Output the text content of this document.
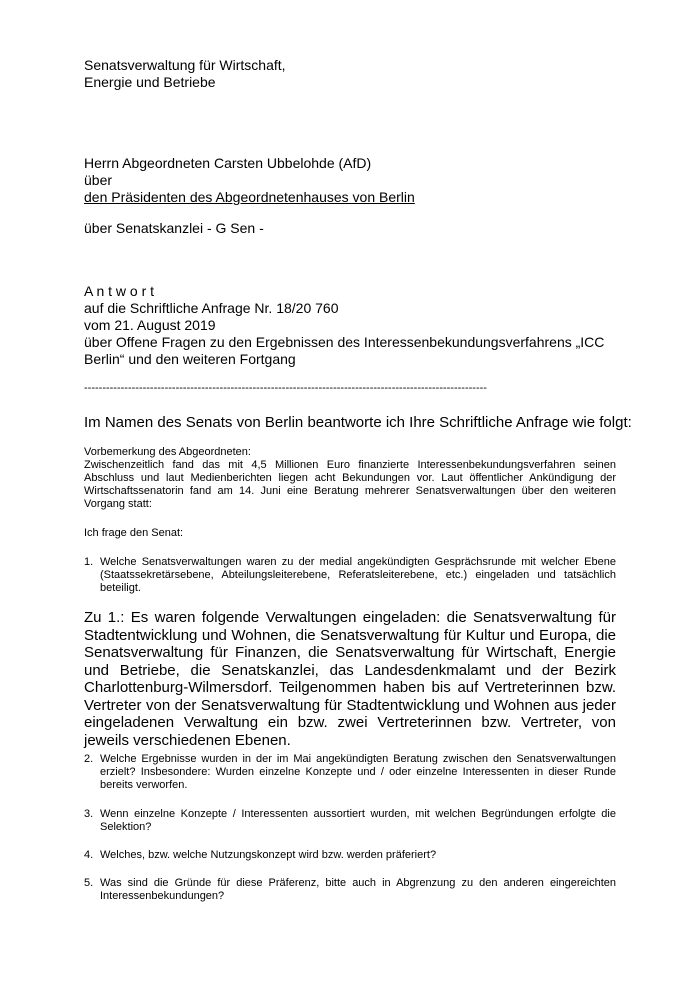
Senatsverwaltung für Wirtschaft,

Energie und Betriebe

Herrn Abgeordneten Carsten Ubbelohde (AfD)

über

den Präsidenten des Abgeordnetenhauses von Berlin

über Senatskanzlei - G Sen -

A n t w o r t

auf die Schriftliche Anfrage Nr. 18/20 760

vom 21. August 2019

über Offene Fragen zu den Ergebnissen des Interessenbekundungsverfahrens „ICC

Berlin“ und den weiteren Fortgang

--------------------------------------------------------------------------------------------------------------

Im Namen des Senats von Berlin beantworte ich Ihre Schriftliche Anfrage wie folgt:

Vorbemerkung des Abgeordneten:

Zwischenzeitlich fand das mit 4,5 Millionen Euro finanzierte Interessenbekundungsverfahren seinen Abschluss und laut Medienberichten liegen acht Bekundungen vor. Laut öffentlicher Ankündigung der Wirtschaftssenatorin fand am 14. Juni eine Beratung mehrerer Senatsverwaltungen über den weiteren Vorgang statt:

Ich frage den Senat:

1. Welche Senatsverwaltungen waren zu der medial angekündigten Gesprächsrunde mit welcher Ebene (Staatssekretärsebene, Abteilungsleiterebene, Referatsleiterebene, etc.) eingeladen und tatsächlich beteiligt.

Zu 1.: Es waren folgende Verwaltungen eingeladen: die Senatsverwaltung für Stadtentwicklung und Wohnen, die Senatsverwaltung für Kultur und Europa, die Senatsverwaltung für Finanzen, die Senatsverwaltung für Wirtschaft, Energie und Betriebe, die Senatskanzlei, das Landesdenkmalamt und der Bezirk Charlottenburg-Wilmersdorf. Teilgenommen haben bis auf Vertreterinnen bzw. Vertreter von der Senatsverwaltung für Stadtentwicklung und Wohnen aus jeder eingeladenen Verwaltung ein bzw. zwei Vertreterinnen bzw. Vertreter, von jeweils verschiedenen Ebenen.

2. Welche Ergebnisse wurden in der im Mai angekündigten Beratung zwischen den Senatsverwaltungen erzielt? Insbesondere: Wurden einzelne Konzepte und / oder einzelne Interessenten in dieser Runde bereits verworfen.

3. Wenn einzelne Konzepte / Interessenten aussortiert wurden, mit welchen Begründungen erfolgte die Selektion?

4. Welches, bzw. welche Nutzungskonzept wird bzw. werden präferiert?

5. Was sind die Gründe für diese Präferenz, bitte auch in Abgrenzung zu den anderen eingereichten Interessenbekundungen?
